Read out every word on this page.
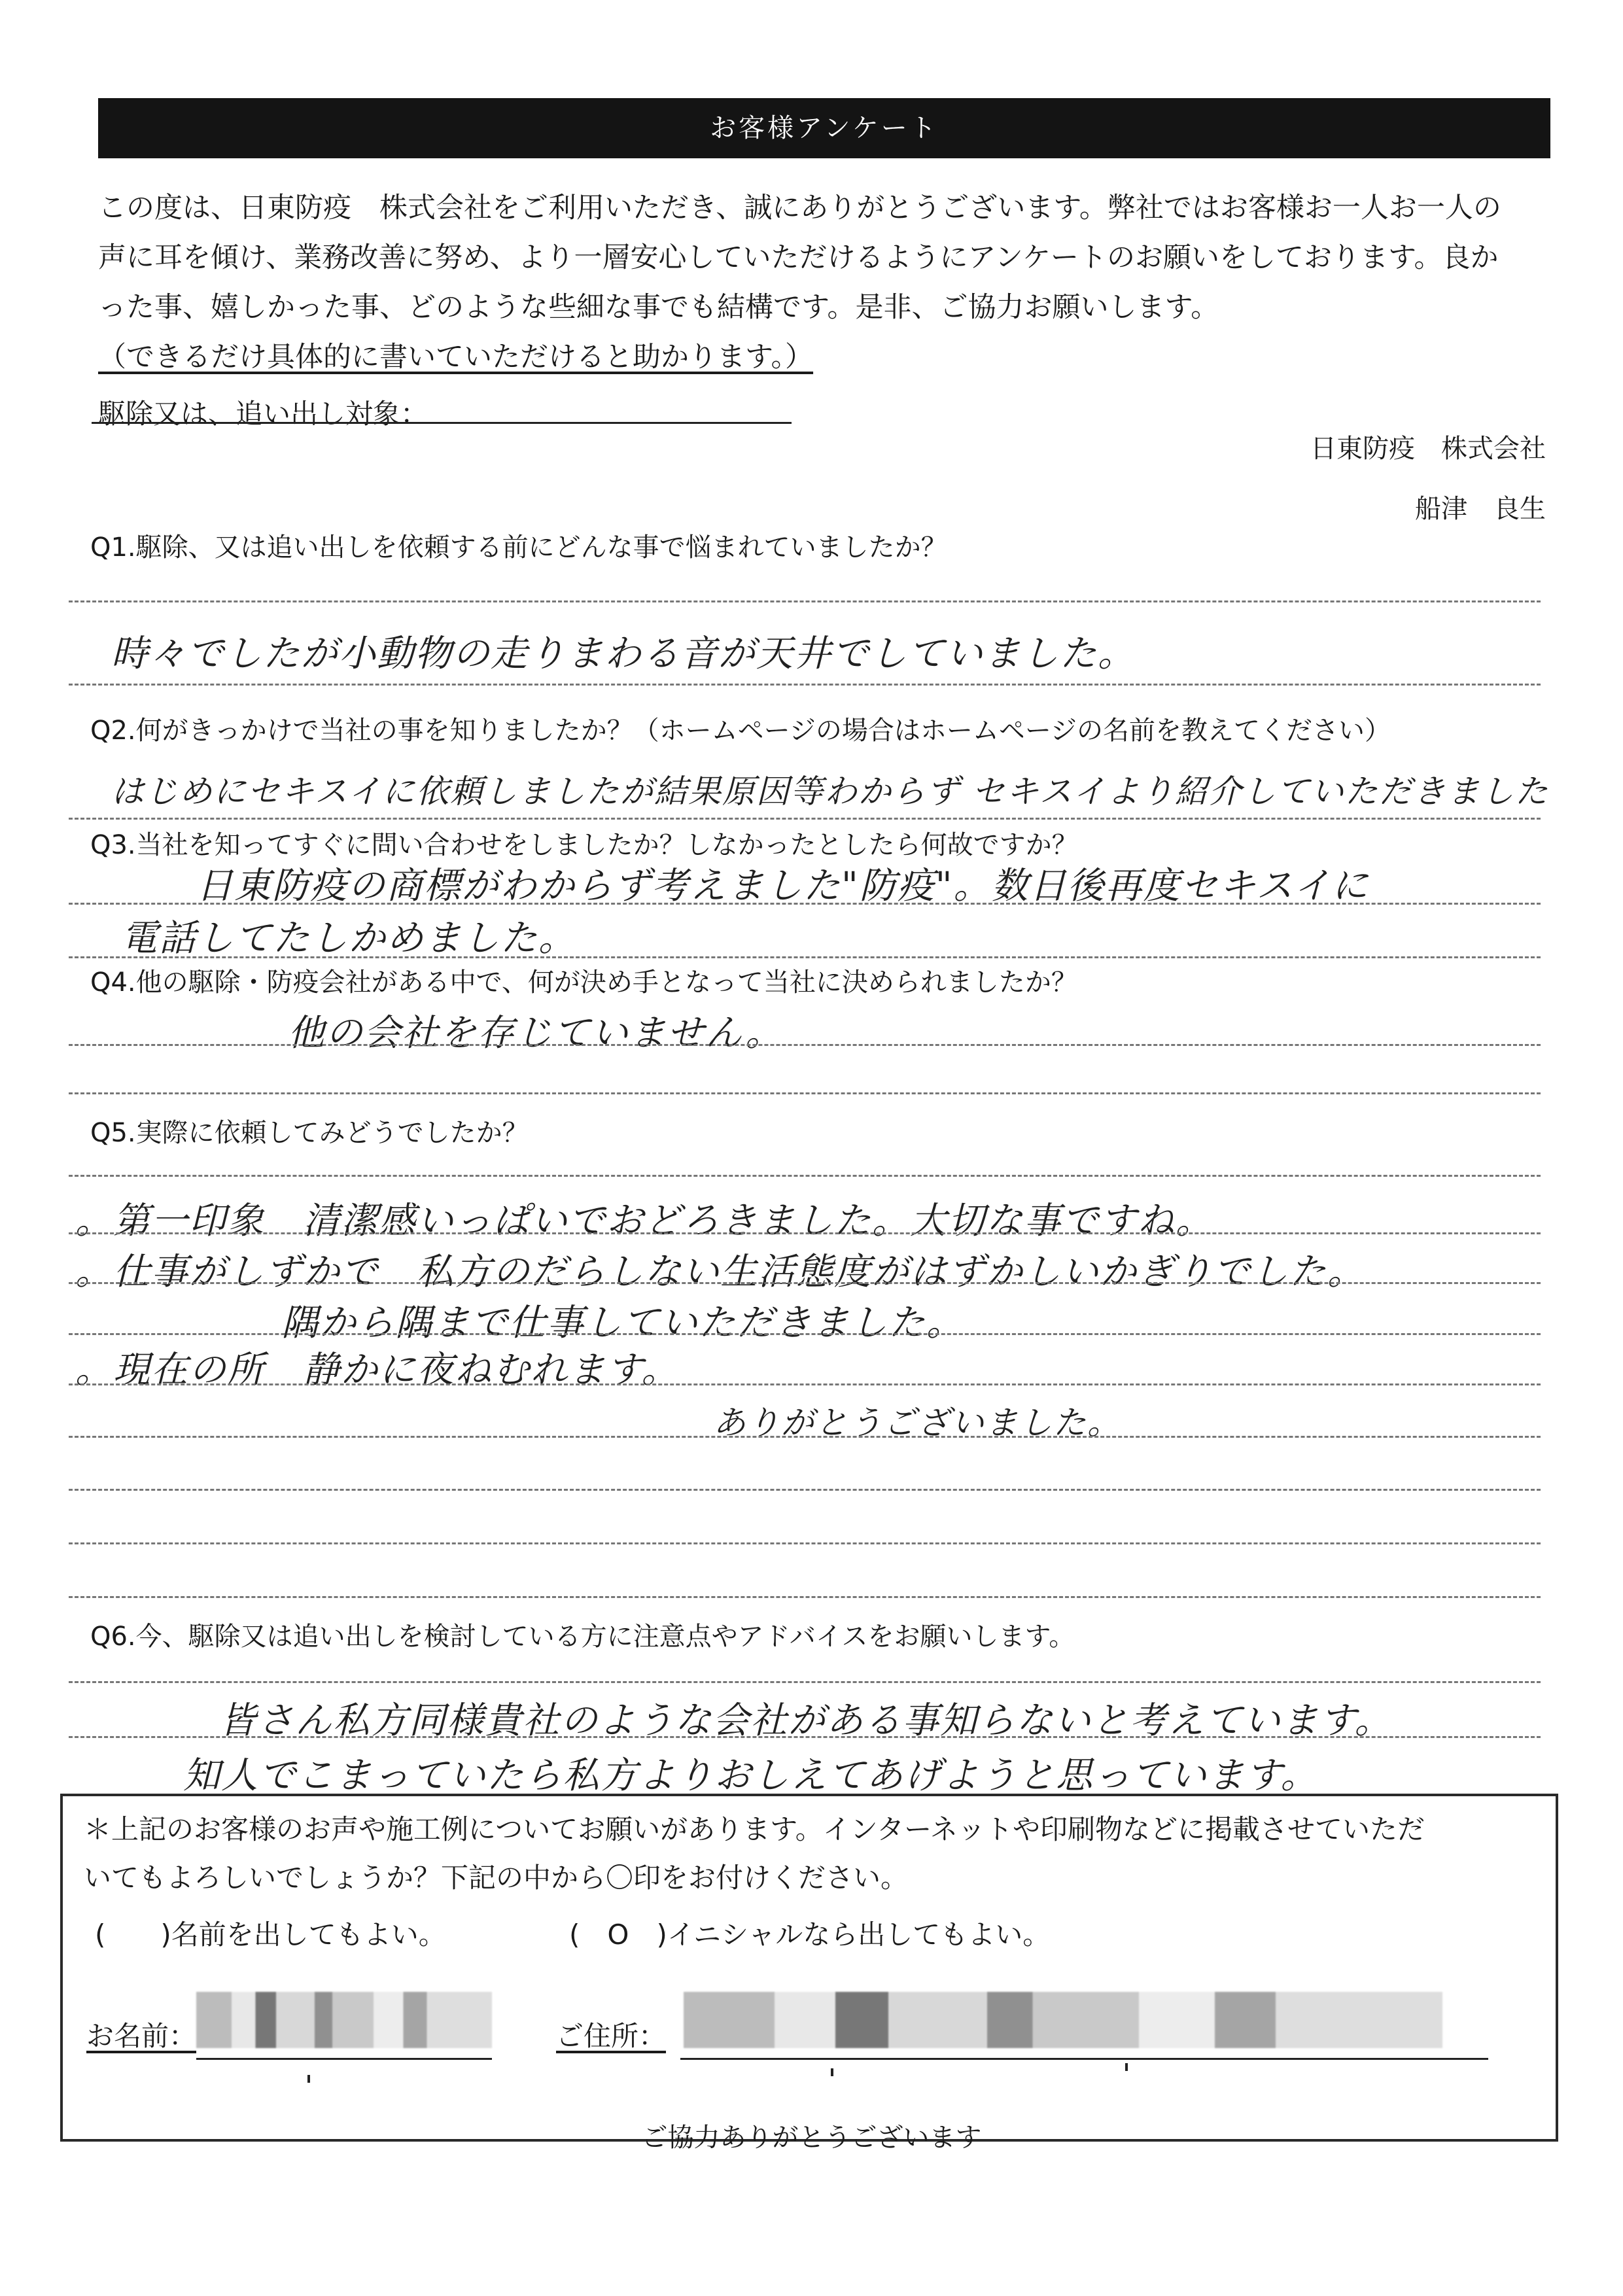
お客様アンケート

この度は、日東防疫　株式会社をご利用いただき、誠にありがとうございます。弊社ではお客様お一人お一人の

声に耳を傾け、業務改善に努め、より一層安心していただけるようにアンケートのお願いをしております。良か

った事、嬉しかった事、どのような些細な事でも結構です。是非、ご協力お願いします。

（できるだけ具体的に書いていただけると助かります。）

駆除又は、追い出し対象：
日東防疫　株式会社
船津　良生
Q1.駆除、又は追い出しを依頼する前にどんな事で悩まれていましたか？
時々でしたが小動物の走りまわる音が天井でしていました。
Q2.何がきっかけで当社の事を知りましたか？（ホームページの場合はホームページの名前を教えてください）
はじめにセキスイに依頼しましたが結果原因等わからず セキスイより紹介していただきました
Q3.当社を知ってすぐに問い合わせをしましたか？しなかったとしたら何故ですか？
日東防疫の商標がわからず考えました"防疫"。数日後再度セキスイに
電話してたしかめました。
Q4.他の駆除・防疫会社がある中で、何が決め手となって当社に決められましたか？
他の会社を存じていません。
Q5.実際に依頼してみどうでしたか？
。第一印象　清潔感いっぱいでおどろきました。大切な事ですね。
。仕事がしずかで　私方のだらしない生活態度がはずかしいかぎりでした。
隅から隅まで仕事していただきました。
。現在の所　静かに夜ねむれます。
ありがとうございました。
Q6.今、駆除又は追い出しを検討している方に注意点やアドバイスをお願いします。
皆さん私方同様貴社のような会社がある事知らないと考えています。
知人でこまっていたら私方よりおしえてあげようと思っています。

＊上記のお客様のお声や施工例についてお願いがあります。インターネットや印刷物などに掲載させていただ

いてもよろしいでしょうか？下記の中から〇印をお付けください。

(　　)名前を出してもよい。	(　O　)イニシャルなら出してもよい。
お名前：	ご住所：
ご協力ありがとうございます
